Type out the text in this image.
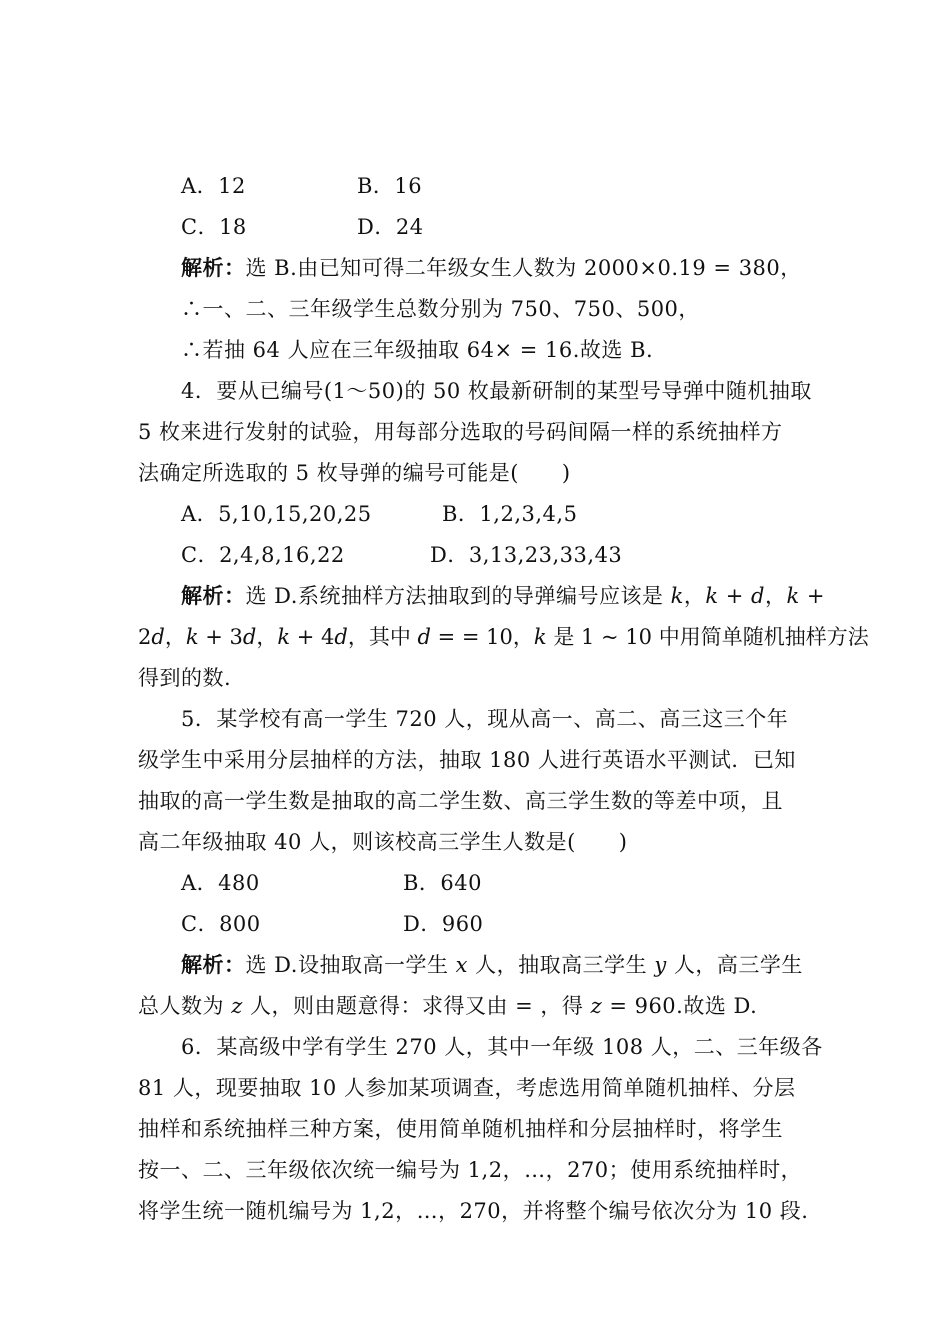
A．12	B．16
C．18	D．24
解析：选 B.由已知可得二年级女生人数为 2000×0.19 = 380，
∴一、二、三年级学生总数分别为 750、750、500，
∴若抽 64 人应在三年级抽取 64× = 16.故选 B.
4．要从已编号(1～50)的 50 枚最新研制的某型号导弹中随机抽取
5 枚来进行发射的试验，用每部分选取的号码间隔一样的系统抽样方
法确定所选取的 5 枚导弹的编号可能是(　　)
A．5,10,15,20,25	B．1,2,3,4,5
C．2,4,8,16,22	D．3,13,23,33,43
解析：选 D.系统抽样方法抽取到的导弹编号应该是 k，k + d，k +
2d，k + 3d，k + 4d，其中 d = = 10，k 是 1 ~ 10 中用简单随机抽样方法
得到的数.
5．某学校有高一学生 720 人，现从高一、高二、高三这三个年
级学生中采用分层抽样的方法，抽取 180 人进行英语水平测试．已知
抽取的高一学生数是抽取的高二学生数、高三学生数的等差中项，且
高二年级抽取 40 人，则该校高三学生人数是(　　)
A．480	B．640
C．800	D．960
解析：选 D.设抽取高一学生 x 人，抽取高三学生 y 人，高三学生
总人数为 z 人，则由题意得：求得又由 = ，得 z = 960.故选 D.
6．某高级中学有学生 270 人，其中一年级 108 人，二、三年级各
81 人，现要抽取 10 人参加某项调查，考虑选用简单随机抽样、分层
抽样和系统抽样三种方案，使用简单随机抽样和分层抽样时，将学生
按一、二、三年级依次统一编号为 1,2，…，270；使用系统抽样时，
将学生统一随机编号为 1,2，…，270，并将整个编号依次分为 10 段.
